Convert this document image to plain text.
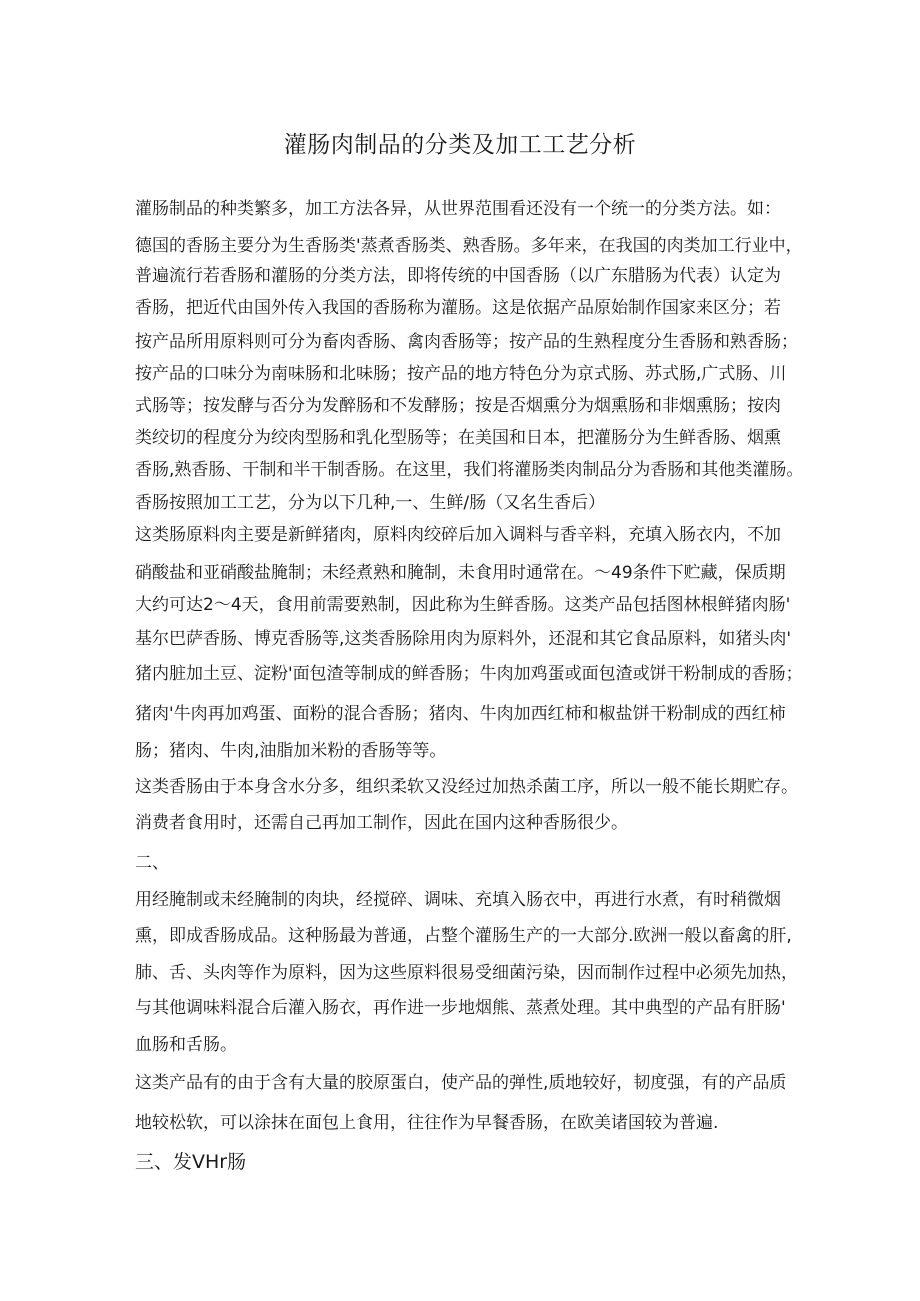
灌肠肉制品的分类及加工工艺分析
灌肠制品的种类繁多，加工方法各异，从世界范围看还没有一个统一的分类方法。如：
德国的香肠主要分为生香肠类'蒸煮香肠类、熟香肠。多年来，在我国的肉类加工行业中，
普遍流行若香肠和灌肠的分类方法，即将传统的中国香肠（以广东腊肠为代表）认定为
香肠，把近代由国外传入我国的香肠称为灌肠。这是依据产品原始制作国家来区分；若
按产品所用原料则可分为畜肉香肠、禽肉香肠等；按产品的生熟程度分生香肠和熟香肠；
按产品的口味分为南味肠和北味肠；按产品的地方特色分为京式肠、苏式肠,广式肠、川
式肠等；按发酵与否分为发醉肠和不发酵肠；按是否烟熏分为烟熏肠和非烟熏肠；按肉
类绞切的程度分为绞肉型肠和乳化型肠等；在美国和日本，把灌肠分为生鲜香肠、烟熏
香肠,熟香肠、干制和半干制香肠。在这里，我们将灌肠类肉制品分为香肠和其他类灌肠。
香肠按照加工工艺，分为以下几种,一、生鲜/肠（又名生香后）
这类肠原料肉主要是新鲜猪肉，原料肉绞碎后加入调料与香辛料，充填入肠衣内，不加
硝酸盐和亚硝酸盐腌制；未经煮熟和腌制，未食用时通常在。〜49条件下贮藏，保质期
大约可达2〜4天，食用前需要熟制，因此称为生鲜香肠。这类产品包括图林根鲜猪肉肠'
基尔巴萨香肠、博克香肠等,这类香肠除用肉为原料外，还混和其它食品原料，如猪头肉'
猪内脏加土豆、淀粉'面包渣等制成的鲜香肠；牛肉加鸡蛋或面包渣或饼干粉制成的香肠；
猪肉'牛肉再加鸡蛋、面粉的混合香肠；猪肉、牛肉加西红柿和椒盐饼干粉制成的西红柿
肠；猪肉、牛肉,油脂加米粉的香肠等等。
这类香肠由于本身含水分多，组织柔软又没经过加热杀菌工序，所以一般不能长期贮存。
消费者食用时，还需自己再加工制作，因此在国内这种香肠很少。
二、
用经腌制或未经腌制的肉块，经搅碎、调味、充填入肠衣中，再进行水煮，有时稍微烟
熏，即成香肠成品。这种肠最为普通，占整个灌肠生产的一大部分.欧洲一般以畜禽的肝,
肺、舌、头肉等作为原料，因为这些原料很易受细菌污染，因而制作过程中必须先加热，
与其他调味料混合后灌入肠衣，再作进一步地烟熊、蒸煮处理。其中典型的产品有肝肠'
血肠和舌肠。
这类产品有的由于含有大量的胶原蛋白，使产品的弹性,质地较好，韧度强，有的产品质
地较松软，可以涂抹在面包上食用，往往作为早餐香肠，在欧美诸国较为普遍.
三、发VHr肠
